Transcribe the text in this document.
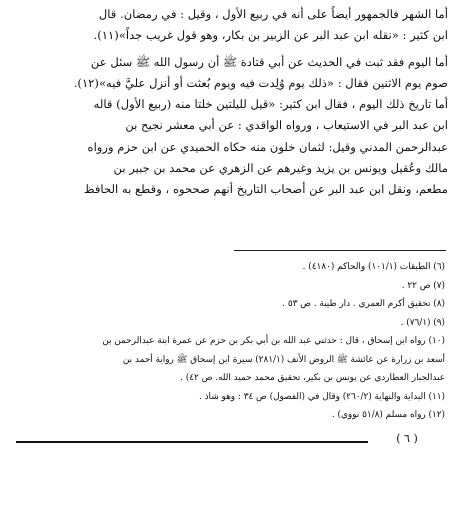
أما الشهر فالجمهور أيضاً على أنه في ربيع الأول ، وقيل : في رمضان. قال
ابن كثير : «نقله ابن عبد البر عن الزبير بن بكار، وهو قول غريب جداً»(١١).
أما اليوم فقد ثبت في الحديث عن أبي قتادة ﷺ أن رسول الله ﷺ سئل عن
صوم يوم الاثنين فقال : «ذلك يوم وُلِدت فيه ويوم بُعثت أو أنزل عليَّ فيه»(١٢).
أما تاريخ ذلك اليوم ، فقال ابن كثير: «قيل لليلتين خلتا منه (ربيع الأول) قاله
ابن عبد البر في الاستيعاب ، ورواه الواقدي : عن أبي معشر نجيح بن
عبدالرحمن المدني وقيل: لثمان خلون منه حكاه الحميدي عن ابن حزم ورواه
مالك وعُقيل ويونس بن يزيد وغيرهم عن الزهري عن محمد بن جبير بن
مطعم، ونقل ابن عبد البر عن أصحاب التاريخ أنهم صححوه ، وقطع به الحافظ
(٦) الطبقات (١٠١/١) والحاكم (٤١٨٠) .
(٧) ص ٢٢ .
(٨) تحقيق أكرم العمري . دار طيبة . ص ٥٣ .
(٩) (٧٦/١) .
(١٠) رواه ابن إسحاق ، قال : حدثني عبد الله بن أبي بكر بن حزم عن عمرة ابنة عبدالرحمن بن
أسعد بن زرارة عن عائشة ﷺ الروض الأنف (٢٨١/١) سيرة ابن إسحاق ﷺ رواية أحمد بن
عبدالجبار العطاردي عن يونس بن بكير، تحقيق محمد حميد الله. ص ٤٢) .
(١١) البداية والنهاية (٢٦٠/٢) وقال في (الفصول) ص ٣٤ : وهو شاذ .
(١٢) رواه مسلم (٥١/٨ نووي) .
( ٦ )
